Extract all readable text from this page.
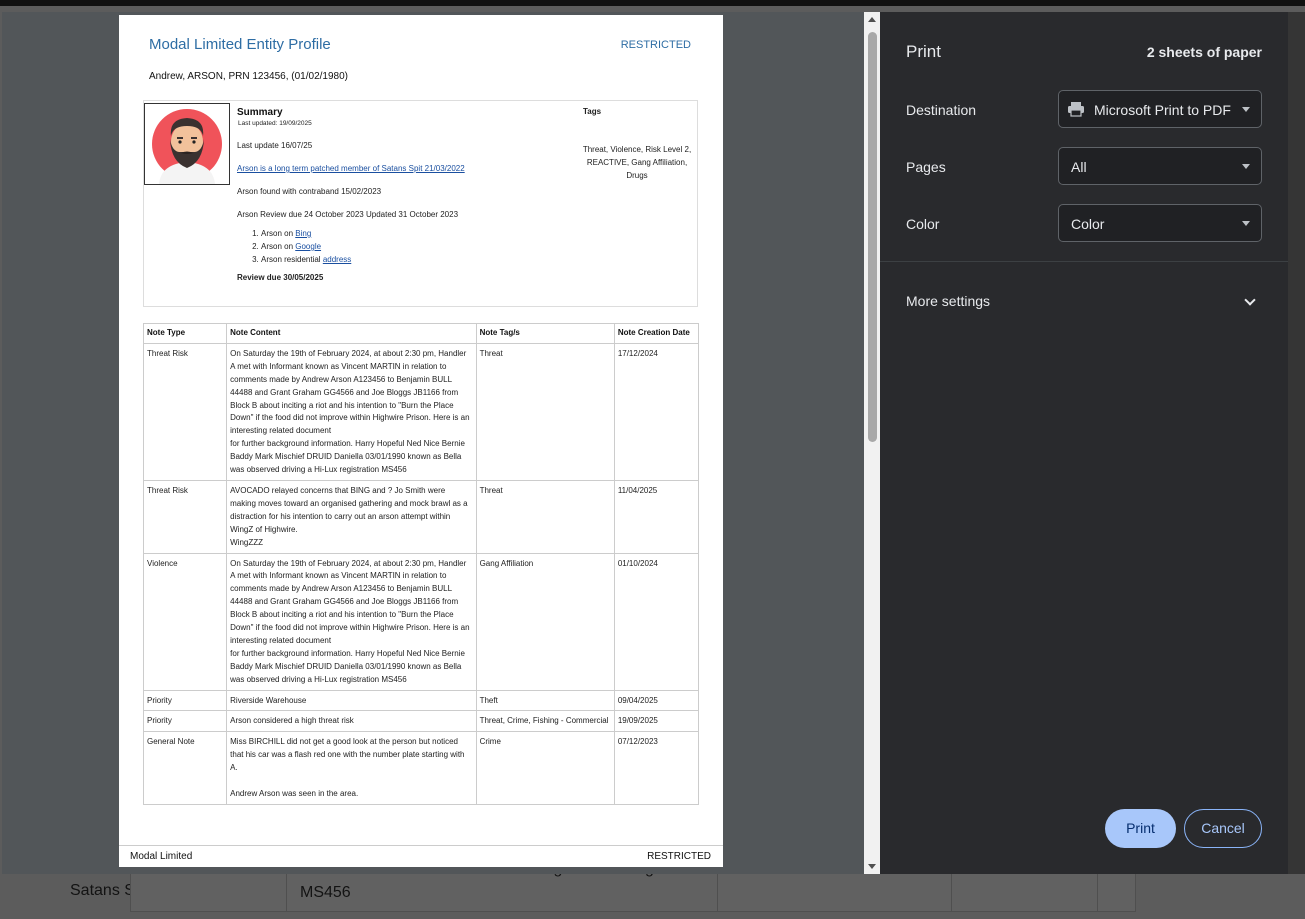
Modal Limited Entity Profile	RESTRICTED
Andrew, ARSON, PRN 123456, (01/02/1980)
Summary
Last updated: 19/09/2025

Last update 16/07/25

Arson is a long term patched member of Satans Spit 21/03/2022

Arson found with contraband 15/02/2023

Arson Review due 24 October 2023 Updated 31 October 2023

1. Arson on Bing
2. Arson on Google
3. Arson residential address

Review due 30/05/2025

Tags
Threat, Violence, Risk Level 2, REACTIVE, Gang Affiliation, Drugs
Note Type	Note Content	Note Tag/s	Note Creation Date
Threat Risk	On Saturday the 19th of February 2024, at about 2:30 pm, Handler A met with Informant known as Vincent MARTIN in relation to comments made by Andrew Arson A123456 to Benjamin BULL 44488 and Grant Graham GG4566 and Joe Bloggs JB1166 from Block B about inciting a riot and his intention to "Burn the Place Down" if the food did not improve within Highwire Prison. Here is an interesting related document
for further background information. Harry Hopeful Ned Nice Bernie Baddy Mark Mischief DRUID Daniella 03/01/1990 known as Bella was observed driving a Hi-Lux registration MS456	Threat	17/12/2024
Threat Risk	AVOCADO relayed concerns that BING and ? Jo Smith were making moves toward an organised gathering and mock brawl as a distraction for his intention to carry out an arson attempt within WingZ of Highwire.
WingZZZ	Threat	11/04/2025
Violence	On Saturday the 19th of February 2024, at about 2:30 pm, Handler A met with Informant known as Vincent MARTIN in relation to comments made by Andrew Arson A123456 to Benjamin BULL 44488 and Grant Graham GG4566 and Joe Bloggs JB1166 from Block B about inciting a riot and his intention to "Burn the Place Down" if the food did not improve within Highwire Prison. Here is an interesting related document
for further background information. Harry Hopeful Ned Nice Bernie Baddy Mark Mischief DRUID Daniella 03/01/1990 known as Bella was observed driving a Hi-Lux registration MS456	Gang Affiliation	01/10/2024
Priority	Riverside Warehouse	Theft	09/04/2025
Priority	Arson considered a high threat risk	Threat, Crime, Fishing - Commercial	19/09/2025
General Note	Miss BIRCHILL did not get a good look at the person but noticed that his car was a flash red one with the number plate starting with A.

Andrew Arson was seen in the area.	Crime	07/12/2023
Modal Limited	RESTRICTED
Print	2 sheets of paper
Destination	Microsoft Print to PDF
Pages	All
Color	Color
More settings
Print	Cancel
